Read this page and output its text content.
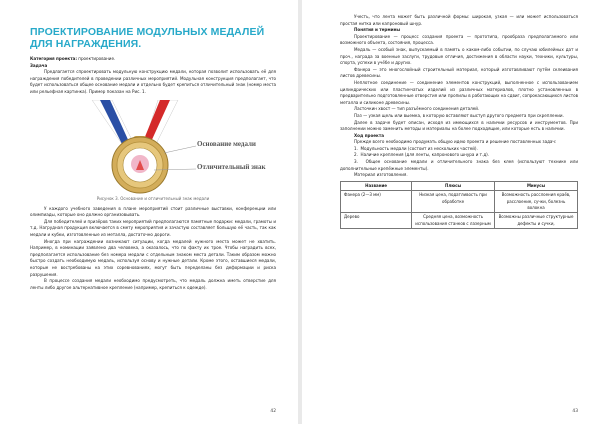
ПРОЕКТИРОВАНИЕ МОДУЛЬНЫХ МЕДАЛЕЙ ДЛЯ НАГРАЖДЕНИЯ.

Категория проекта: проектирование.

Задача

Предлагается спроектировать модульную конструкцию медали, которая позволит использовать её для награждения победителей в проведении различных мероприятий. Модульная конструкция предполагает, что будет использоваться общее основание медали и отдельно будет крепиться отличительный знак (номер места или рельефная картинка). Пример показан на Рис. 1.

Основание медали
Отличительный знак
Рисунок 3. Основание и отличительный знак медали

У каждого учебного заведения в плане мероприятий стоит различные выставки, конференции или олимпиады, которые оно должно организовывать.

Для победителей и призёров таких мероприятий предполагаются памятные подарки: медали, грамоты и т.д. Нагрудная продукция включается в смету мероприятия и зачастую составляет большую её часть, так как медали и кубки, изготовленные из металла, достаточно дороги.

Иногда при награждении возникают ситуации, когда медалей нужного места может не хватить. Например, в номинации заявлено два человека, а оказалось, что по факту их трое. Чтобы наградить всех, предполагается использование без номера медали с отдельным знаком места детали. Таким образом можно быстро создать необходимую медаль, используя основу и нужные детали. Кроме этого, оставшиеся медали, которые не востребованы на этих соревнованиях, могут быть переделаны без деформации и риска разрушения.

В процессе создания медали необходимо предусмотреть, что медаль должна иметь отверстие для ленты либо другое альтернативное крепление (например, крепиться к одежде).

42

Учесть, что лента может быть различной формы: широкая, узкая — или может использоваться простая нитка или капроновый шнур.

Понятия и термины

Проектирование — процесс создания проекта — прототипа, прообраза предполагаемого или возможного объекта, состояния, процесса.

Медаль — особый знак, выпускаемый в память о каком-либо событии, по случаю юбилейных дат и проч., награда за военные заслуги, трудовые отличия, достижения в области науки, техники, культуры, спорта, успехи в учёбе и других.

Фанера — это многослойный строительный материал, который изготавливают путём склеивания листов древесины.

Неплотное соединение — соединение элементов конструкций, выполненное с использованием цилиндрических или пластинчатых изделий из различных материалов, плотно установленных в предварительно подготовленные отверстия или пропилы в работающих на сдвиг, сопрокасающихся листов металла и силиконе древесины.

Ласточкин хвост — тип разъёмного соединения деталей.

Паз — узкая щель или выемка, в которую вставляют выступ другого предмета при скреплении.

Далее в задаче будет описан, исходя из имеющихся в наличии ресурсов и инструментов. При заполнении можно заменить методы и материалы на более подходящие, или которые есть в наличии.

Ход проекта

Прежде всего необходимо продумать общую идею проекта и решение поставленных задач:

1.  Модульность медали (состоит из нескольких частей).

2.  Наличие крепления (для ленты, капронового шнура и т.д).

3.  Общее основание медали и отличительного знака без клея (используют технике или дополнительные крепёжные элементы).

Материал изготовления.

Название	Плюсы	Минусы
Фанера (2—3 мм)	Низкая цена, податливость при обработке	Возможность расслоения краёв, расслоение, сучки, болезнь волокна
Дерево	Средняя цена, возможность использования станков с лазерным	Возможны различные структурные дефекты и сучки,
43
